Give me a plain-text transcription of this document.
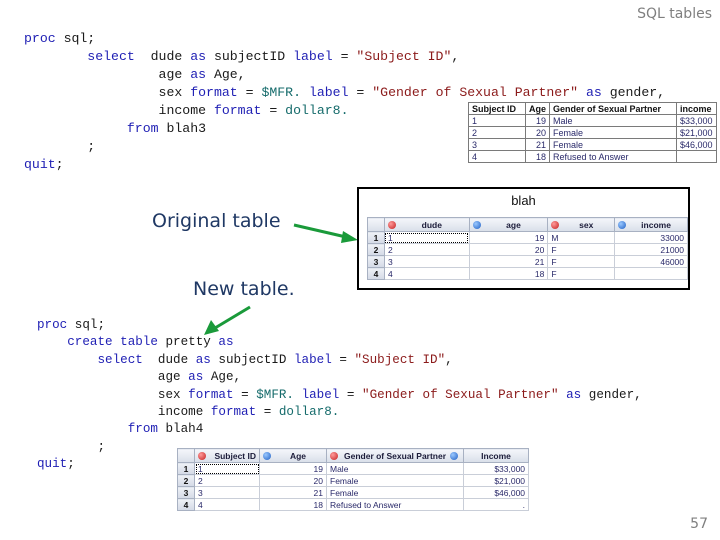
SQL tables
proc sql;
select  dude as subjectID label = "Subject ID",
age as Age,
sex format = $MFR. label = "Gender of Sexual Partner" as gender,
income format = dollar8.
from blah3
;
quit;
Subject ID	Age	Gender of Sexual Partner	income
1	19	Male	$33,000
2	20	Female	$21,000
3	21	Female	$46,000
4	18	Refused to Answer	
Original table
New table.
blah

	dude	age	sex	income

1	1	19	M	33000
2	2	20	F	21000
3	3	21	F	46000
4	4	18	F	
proc sql;
create table pretty as
select  dude as subjectID label = "Subject ID",
age as Age,
sex format = $MFR. label = "Gender of Sexual Partner" as gender,
income format = dollar8.
from blah4
;
quit;

	Subject ID	Age	Gender of Sexual Partner	Income

1	1	19	Male	$33,000
2	2	20	Female	$21,000
3	3	21	Female	$46,000
4	4	18	Refused to Answer	.
57
